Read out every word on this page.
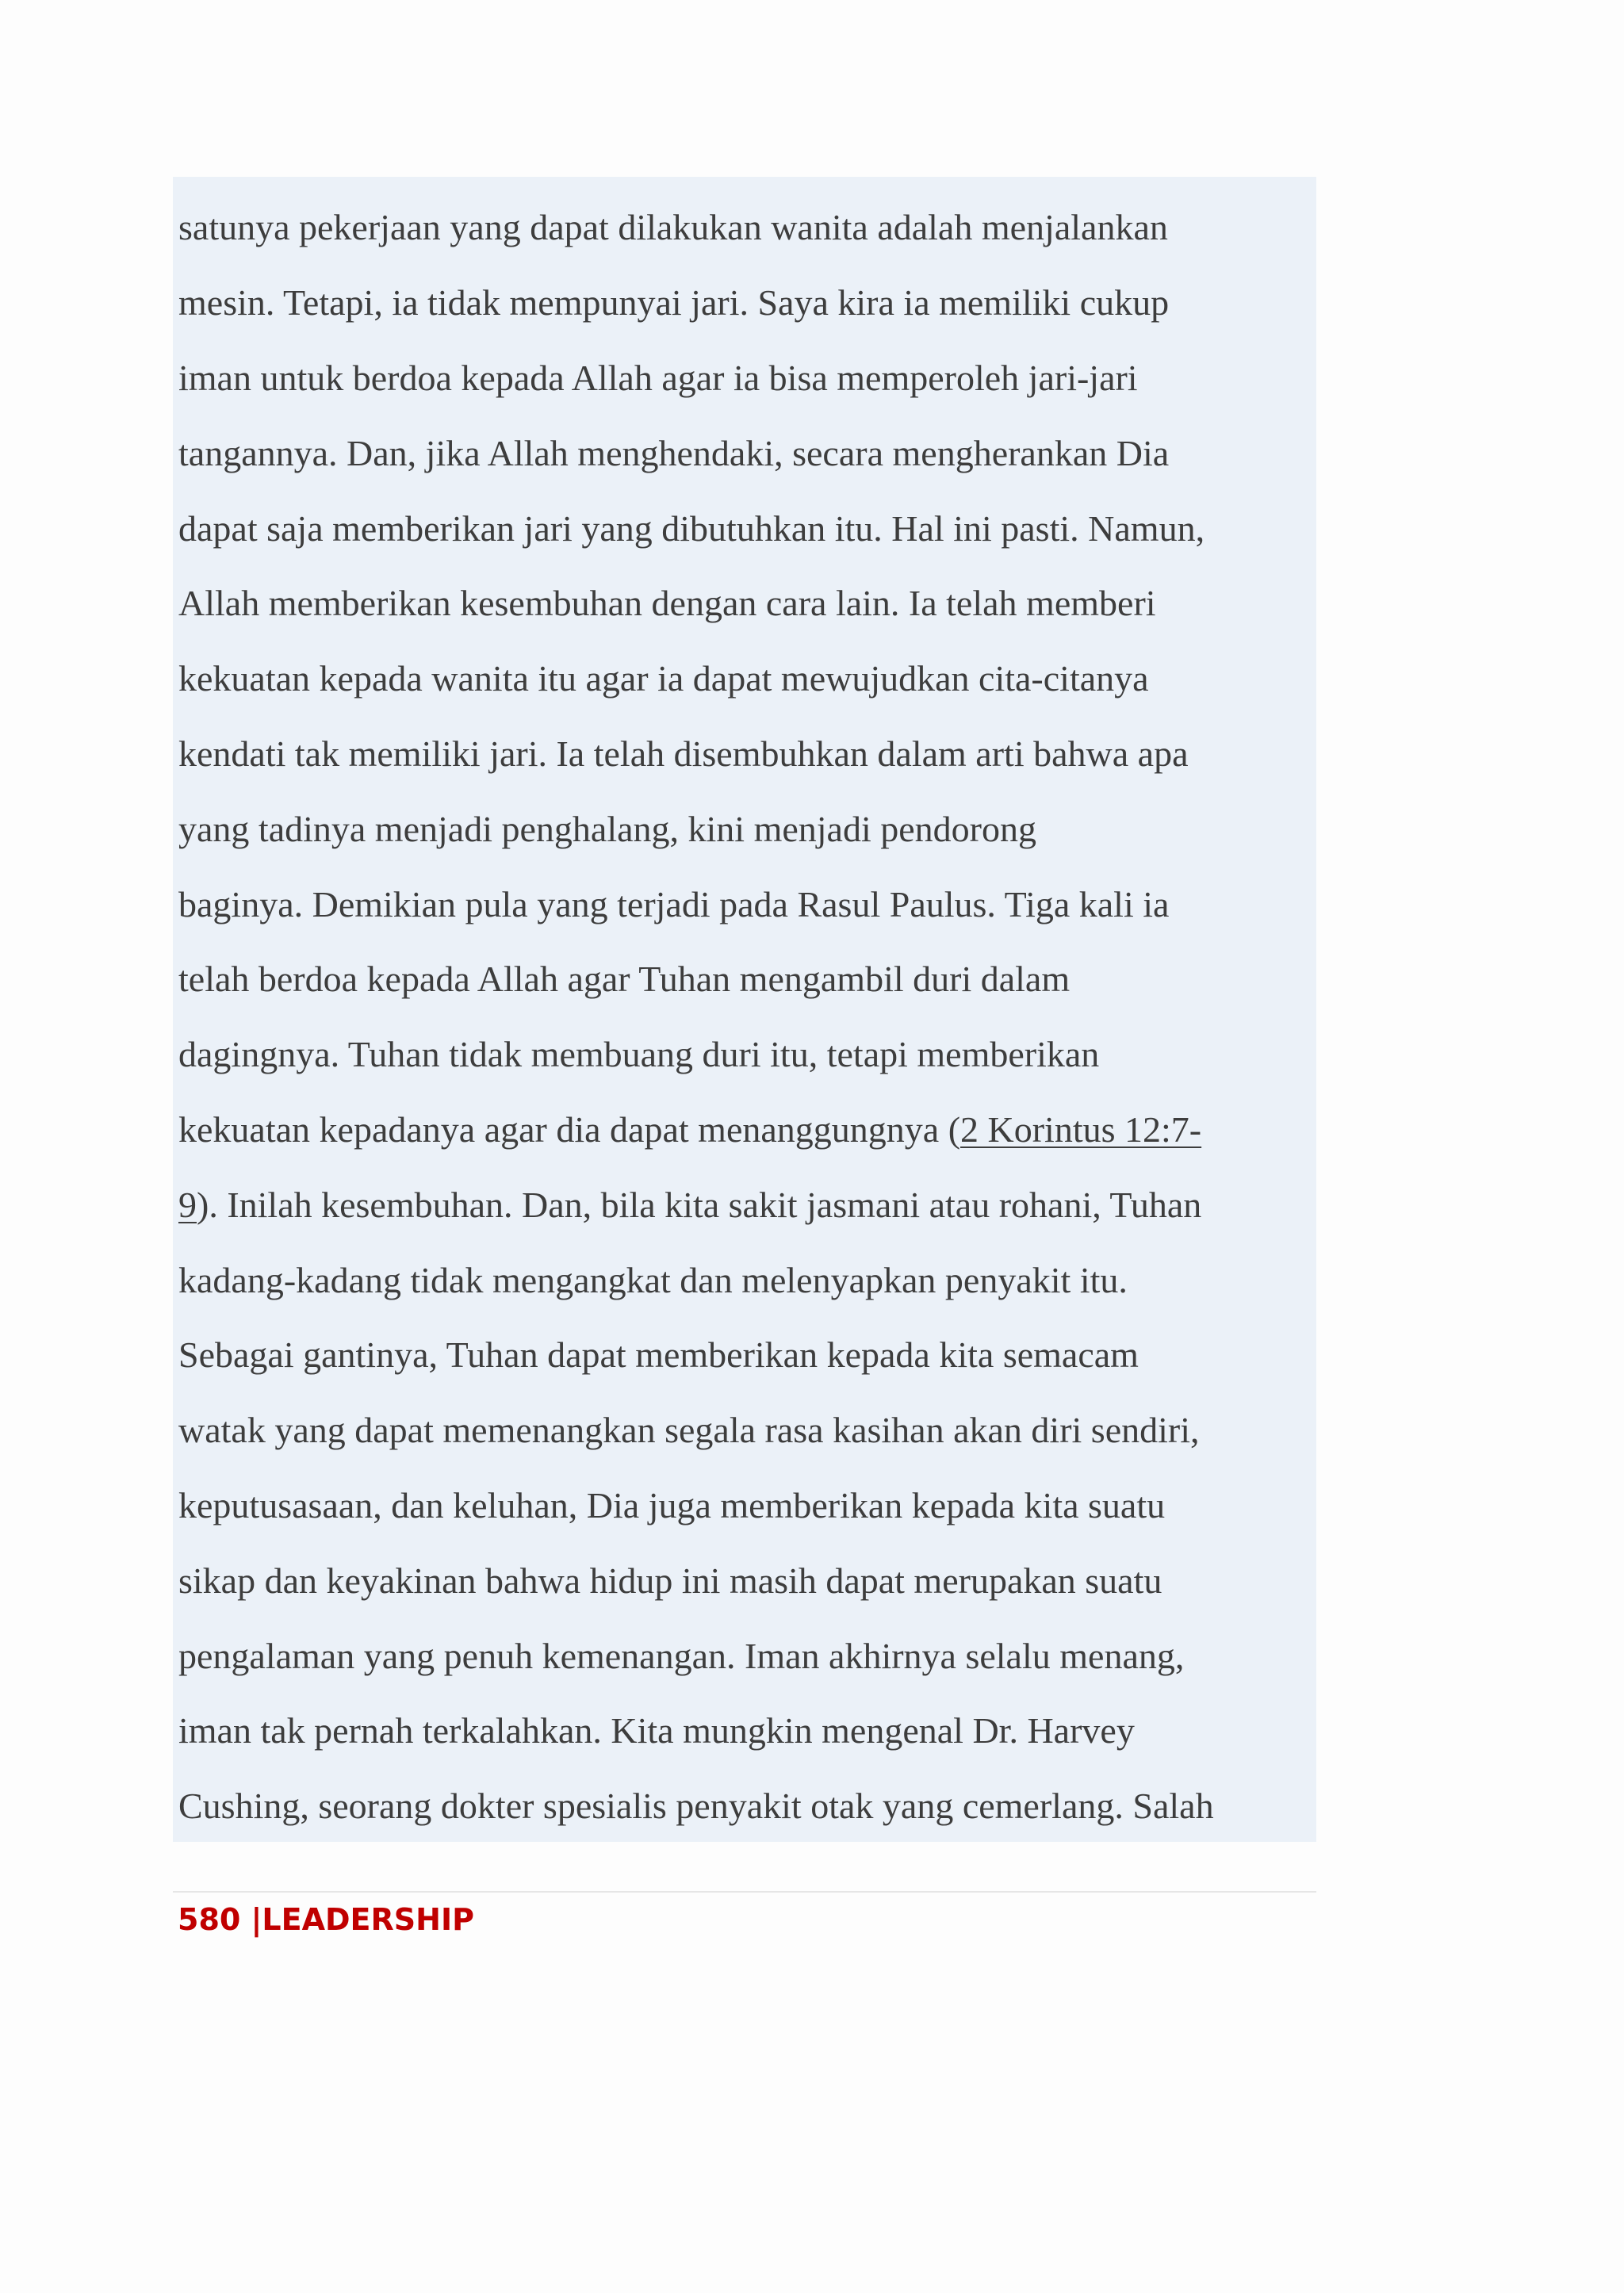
satunya pekerjaan yang dapat dilakukan wanita adalah menjalankan

mesin. Tetapi, ia tidak mempunyai jari. Saya kira ia memiliki cukup

iman untuk berdoa kepada Allah agar ia bisa memperoleh jari-jari

tangannya. Dan, jika Allah menghendaki, secara mengherankan Dia

dapat saja memberikan jari yang dibutuhkan itu. Hal ini pasti. Namun,

Allah memberikan kesembuhan dengan cara lain. Ia telah memberi

kekuatan kepada wanita itu agar ia dapat mewujudkan cita-citanya

kendati tak memiliki jari. Ia telah disembuhkan dalam arti bahwa apa

yang tadinya menjadi penghalang, kini menjadi pendorong

baginya. Demikian pula yang terjadi pada Rasul Paulus. Tiga kali ia

telah berdoa kepada Allah agar Tuhan mengambil duri dalam

dagingnya. Tuhan tidak membuang duri itu, tetapi memberikan

kekuatan kepadanya agar dia dapat menanggungnya (2 Korintus 12:7-

9). Inilah kesembuhan. Dan, bila kita sakit jasmani atau rohani, Tuhan

kadang-kadang tidak mengangkat dan melenyapkan penyakit itu.

Sebagai gantinya, Tuhan dapat memberikan kepada kita semacam

watak yang dapat memenangkan segala rasa kasihan akan diri sendiri,

keputusasaan, dan keluhan, Dia juga memberikan kepada kita suatu

sikap dan keyakinan bahwa hidup ini masih dapat merupakan suatu

pengalaman yang penuh kemenangan. Iman akhirnya selalu menang,

iman tak pernah terkalahkan. Kita mungkin mengenal Dr. Harvey

Cushing, seorang dokter spesialis penyakit otak yang cemerlang. Salah

580 |LEADERSHIP
